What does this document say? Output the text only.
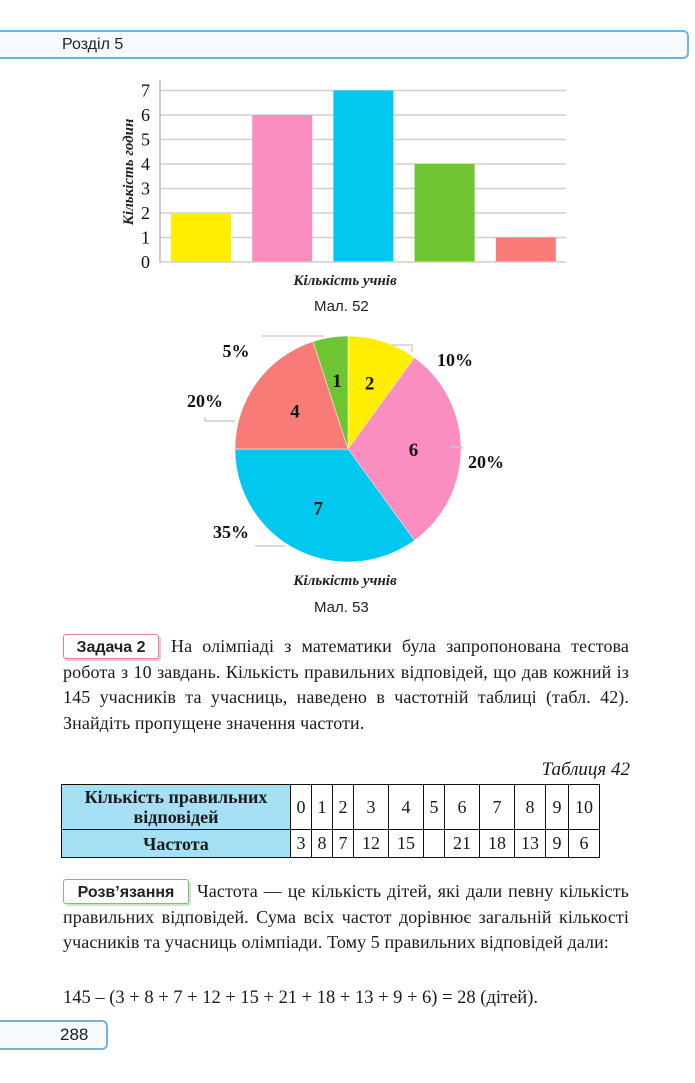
Розділ 5
0
1
2
3
4
5
6
7
Кількість годин
Кількість учнів
Мал. 52
2
6
7
4
1
10%
20%
35%
20%
5%
Кількість учнів
Мал. 53
Задача 2	На олімпіаді з математики була запропонована тестова робота з 10 завдань. Кількість правильних відповідей, що дав кожний із 145 учасників та учасниць, наведено в частотній таблиці (табл. 42). Знайдіть пропущене значення частоти.
Таблиця 42
Кількість правильних відповідей	0	1	2	3	4	5	6	7	8	9	10
Частота	3	8	7	12	15		21	18	13	9	6
Розв’язання	Частота — це кількість дітей, які дали певну кількість правильних відповідей. Сума всіх частот дорівнює загальній кількості учасників та учасниць олімпіади. Тому 5 правильних відповідей дали:
145 – (3 + 8 + 7 + 12 + 15 + 21 + 18 + 13 + 9 + 6) = 28 (дітей).
288
